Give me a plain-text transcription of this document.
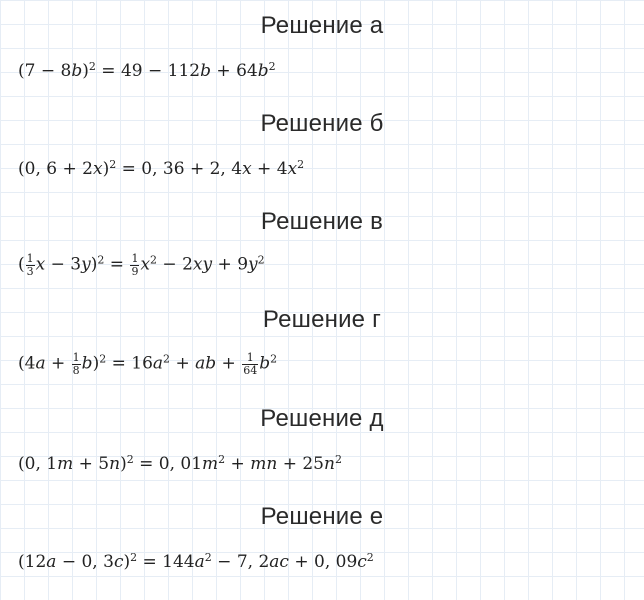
Решение а
$(7 - 8b)^2 = 49 - 112b + 64b^2$
Решение б
(0, 6 + 2x)$^2$ = 0, 36 + 2, $4x + 4x^2$
Решение в
( $\frac{1}{3}$ $x - 3y)^2 = \frac{1}{9} x^2 - 2xy + 9y^2$
Решение г
$(4a + \frac{1}{8} b)^2 = 16a^2$ + ab + $\frac{1}{64} b^2$
Решение д
(0, 1m + 5n)$^2$ = 0, $01m^2$ + mn + $25n^2$
Решение е
(12a − 0, $3c)^2 = 144a^2 - 7$, 2ac + 0, $09c^2$
